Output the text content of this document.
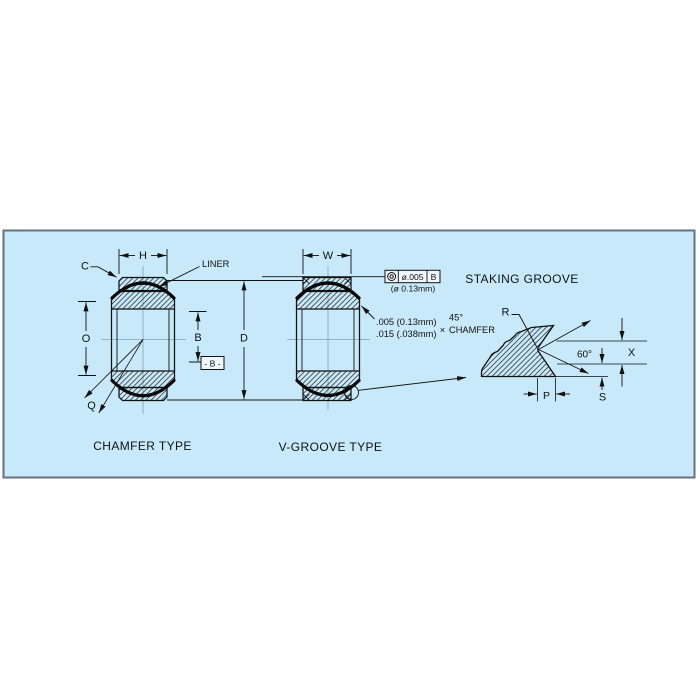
H
C	LINER
O	B
- B -
D
Q
W
ø.005 B
(ø 0.13mm)
.005 (0.13mm)
.015 (.038mm) ×
45°
CHAMFER
STAKING GROOVE
R
60°	X
S
P
CHAMFER TYPE	V-GROOVE TYPE
